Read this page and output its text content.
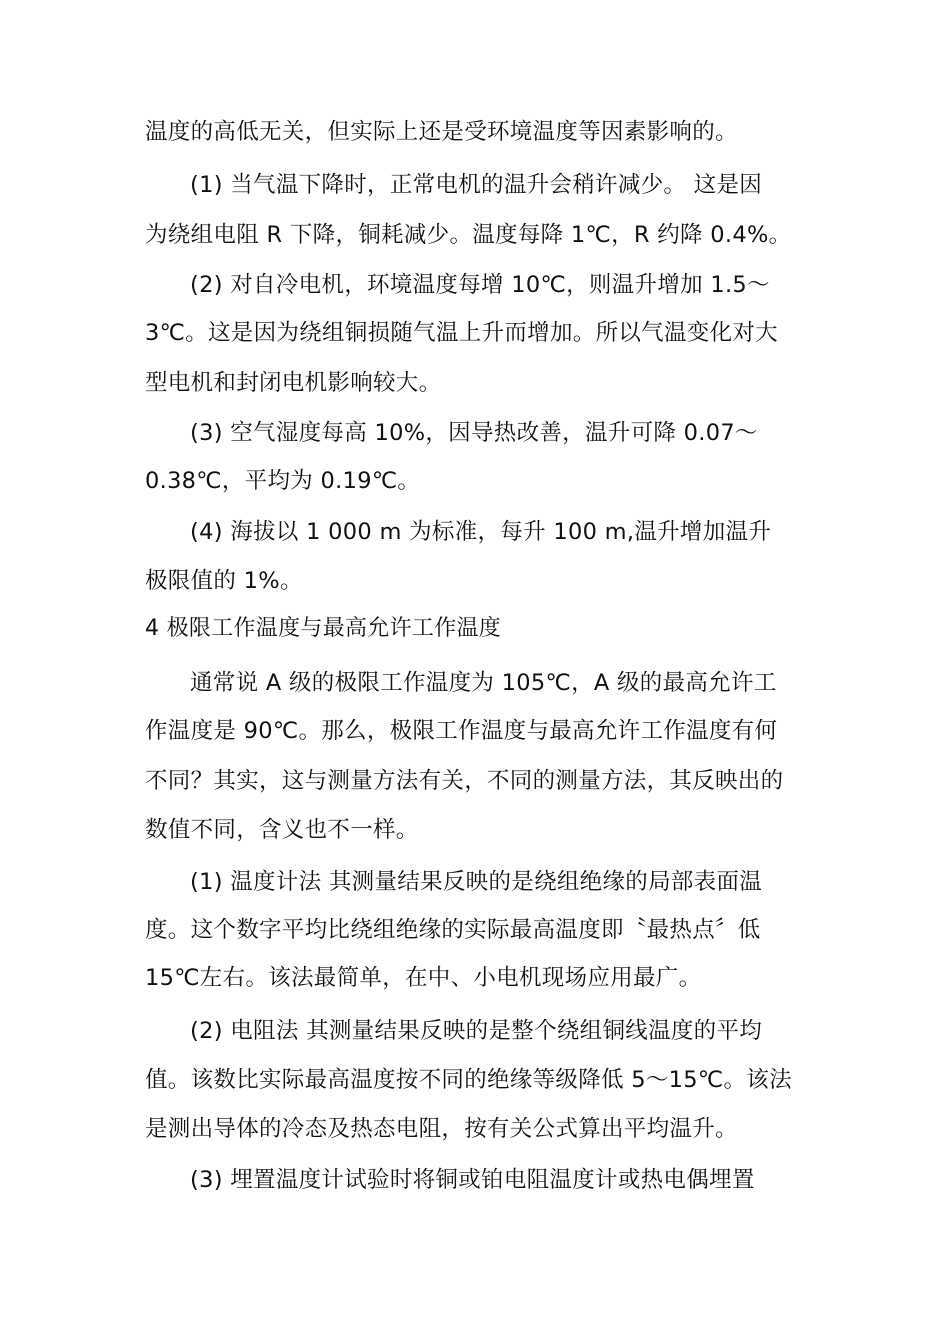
温度的高低无关，但实际上还是受环境温度等因素影响的。
(1) 当气温下降时，正常电机的温升会稍许减少。 这是因
为绕组电阻 R 下降，铜耗减少。温度每降 1℃，R 约降 0.4%。
(2) 对自冷电机，环境温度每增 10℃，则温升增加 1.5～
3℃。这是因为绕组铜损随气温上升而增加。所以气温变化对大
型电机和封闭电机影响较大。
(3) 空气湿度每高 10%，因导热改善，温升可降 0.07～
0.38℃，平均为 0.19℃。
(4) 海拔以 1 000 m 为标准，每升 100 m,温升增加温升
极限值的 1%。
4 极限工作温度与最高允许工作温度
通常说 A 级的极限工作温度为 105℃，A 级的最高允许工
作温度是 90℃。那么，极限工作温度与最高允许工作温度有何
不同？其实，这与测量方法有关，不同的测量方法，其反映出的
数值不同，含义也不一样。
(1) 温度计法 其测量结果反映的是绕组绝缘的局部表面温
度。这个数字平均比绕组绝缘的实际最高温度即〝最热点〞低
15℃左右。该法最简单，在中、小电机现场应用最广。
(2) 电阻法 其测量结果反映的是整个绕组铜线温度的平均
值。该数比实际最高温度按不同的绝缘等级降低 5～15℃。该法
是测出导体的冷态及热态电阻，按有关公式算出平均温升。
(3) 埋置温度计试验时将铜或铂电阻温度计或热电偶埋置
